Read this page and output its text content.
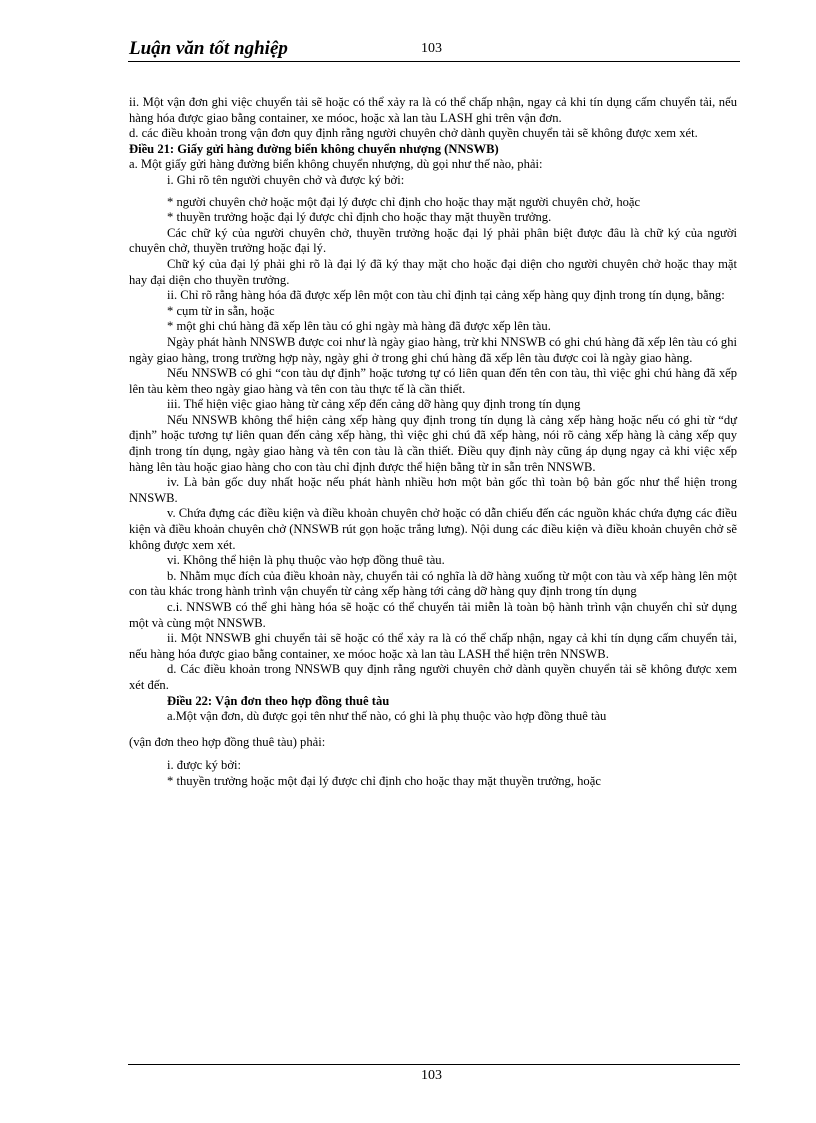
Luận văn tốt nghiệp	103

ii. Một vận đơn ghi việc chuyển tải sẽ hoặc có thể xảy ra là có thể chấp nhận, ngay cả khi tín dụng cấm chuyển tải, nếu hàng hóa được giao bằng container, xe móoc, hoặc xà lan tàu LASH ghi trên vận đơn.

d. các điều khoản trong vận đơn quy định rằng người chuyên chở dành quyền chuyển tải sẽ không được xem xét.

Điều 21: Giấy gửi hàng đường biển không chuyển nhượng (NNSWB)

a. Một giấy gửi hàng đường biển không chuyển nhượng, dù gọi như thế nào, phải:

i. Ghi rõ tên người chuyên chở và được ký bởi:

* người chuyên chở hoặc một đại lý được chỉ định cho hoặc thay mặt người chuyên chở, hoặc

* thuyền trưởng hoặc đại lý được chỉ định cho hoặc thay mặt thuyền trưởng.

Các chữ ký của người chuyên chở, thuyền trưởng hoặc đại lý phải phân biệt được đâu là chữ ký của người chuyên chở, thuyền trưởng hoặc đại lý.

Chữ ký của đại lý phải ghi rõ là đại lý đã ký thay mặt cho hoặc đại diện cho người chuyên chở hoặc thay mặt hay đại diện cho thuyền trưởng.

ii. Chỉ rõ rằng hàng hóa đã được xếp lên một con tàu chỉ định tại cảng xếp hàng quy định trong tín dụng, bằng:

* cụm từ in sẵn, hoặc

* một ghi chú hàng đã xếp lên tàu có ghi ngày mà hàng đã được xếp lên tàu.

Ngày phát hành NNSWB được coi như là ngày giao hàng, trừ khi NNSWB có ghi chú hàng đã xếp lên tàu có ghi ngày giao hàng, trong trường hợp này, ngày ghi ở trong ghi chú hàng đã xếp lên tàu được coi là ngày giao hàng.

Nếu NNSWB có ghi “con tàu dự định” hoặc tương tự có liên quan đến tên con tàu, thì việc ghi chú hàng đã xếp lên tàu kèm theo ngày giao hàng và tên con tàu thực tế là cần thiết.

iii. Thể hiện việc giao hàng từ cảng xếp đến cảng dỡ hàng quy định trong tín dụng

Nếu NNSWB không thể hiện cảng xếp hàng quy định trong tín dụng là cảng xếp hàng hoặc nếu có ghi từ “dự định” hoặc tương tự liên quan đến cảng xếp hàng, thì việc ghi chú đã xếp hàng, nói rõ cảng xếp hàng là cảng xếp quy định trong tín dụng, ngày giao hàng và tên con tàu là cần thiết. Điều quy định này cũng áp dụng ngay cả khi việc xếp hàng lên tàu hoặc giao hàng cho con tàu chỉ định được thể hiện bằng từ in sẵn trên NNSWB.

iv. Là bản gốc duy nhất hoặc nếu phát hành nhiều hơn một bản gốc thì toàn bộ bản gốc như thể hiện trong NNSWB.

v. Chứa đựng các điều kiện và điều khoản chuyên chở hoặc có dẫn chiếu đến các nguồn khác chứa đựng các điều kiện và điều khoản chuyên chở (NNSWB rút gọn hoặc trắng lưng). Nội dung các điều kiện và điều khoản chuyên chở sẽ không được xem xét.

vi. Không thể hiện là phụ thuộc vào hợp đồng thuê tàu.

b. Nhằm mục đích của điều khoản này, chuyển tải có nghĩa là dỡ hàng xuống từ một con tàu và xếp hàng lên một con tàu khác trong hành trình vận chuyển từ cảng xếp hàng tới cảng dỡ hàng quy định trong tín dụng

c.i. NNSWB có thể ghi hàng hóa sẽ hoặc có thể chuyển tải miễn là toàn bộ hành trình vận chuyển chỉ sử dụng một và cùng một NNSWB.

ii. Một NNSWB ghi chuyển tải sẽ hoặc có thể xảy ra là có thể chấp nhận, ngay cả khi tín dụng cấm chuyển tải, nếu hàng hóa được giao bằng container, xe móoc hoặc xà lan tàu LASH thể hiện trên NNSWB.

d. Các điều khoản trong NNSWB quy định rằng người chuyên chở dành quyền chuyển tải sẽ không được xem xét đến.

Điều 22: Vận đơn theo hợp đồng thuê tàu

a.Một vận đơn, dù được gọi tên như thế nào, có ghi là phụ thuộc vào hợp đồng thuê tàu

(vận đơn theo hợp đồng thuê tàu) phải:

i. được ký bởi:

* thuyền trưởng hoặc một đại lý được chỉ định cho hoặc thay mặt thuyền trưởng, hoặc

103
